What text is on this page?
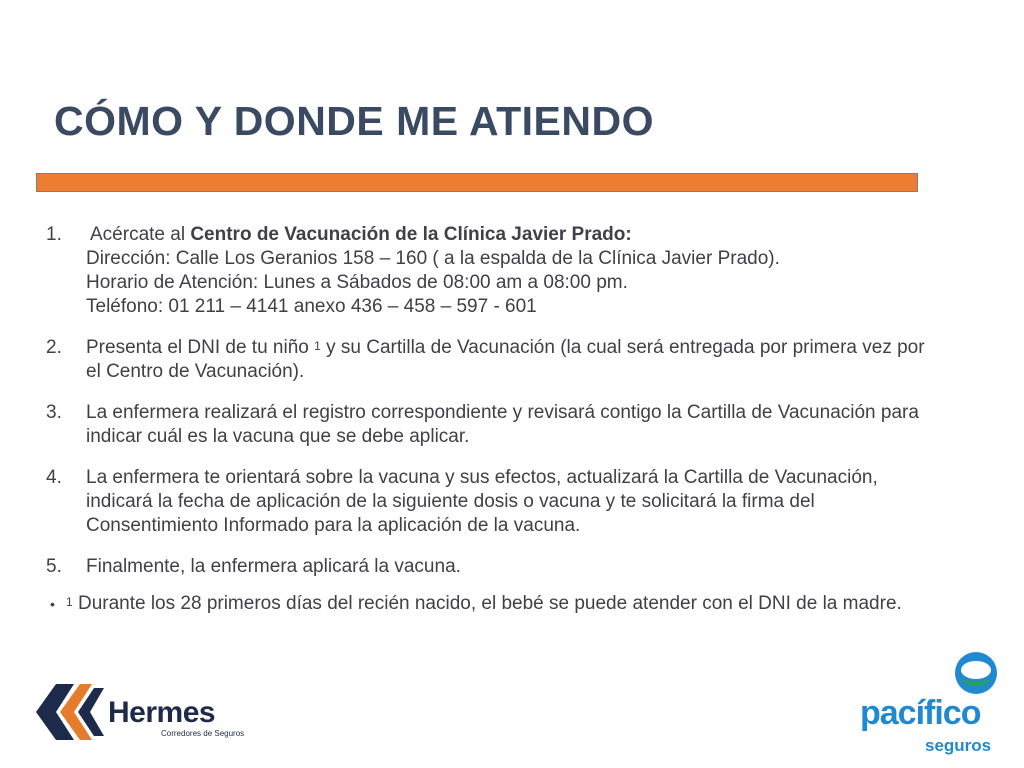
CÓMO Y DONDE ME ATIENDO
1.	Acércate al Centro de Vacunación de la Clínica Javier Prado:
Dirección: Calle Los Geranios 158 – 160 ( a la espalda de la Clínica Javier Prado).
Horario de Atención: Lunes a Sábados de 08:00 am a 08:00 pm.
Teléfono: 01 211 – 4141 anexo 436 – 458 – 597 - 601
2.	Presenta el DNI de tu niño $^1$ y su Cartilla de Vacunación (la cual será entregada por primera vez por el Centro de Vacunación).
3.	La enfermera realizará el registro correspondiente y revisará contigo la Cartilla de Vacunación para indicar cuál es la vacuna que se debe aplicar.
4.	La enfermera te orientará sobre la vacuna y sus efectos, actualizará la Cartilla de Vacunación, indicará la fecha de aplicación de la siguiente dosis o vacuna y te solicitará la firma del Consentimiento Informado para la aplicación de la vacuna.
5.	Finalmente, la enfermera aplicará la vacuna.
• $^1$ Durante los 28 primeros días del recién nacido, el bebé se puede atender con el DNI de la madre.
Hermes
Corredores de Seguros
pacífico
seguros
